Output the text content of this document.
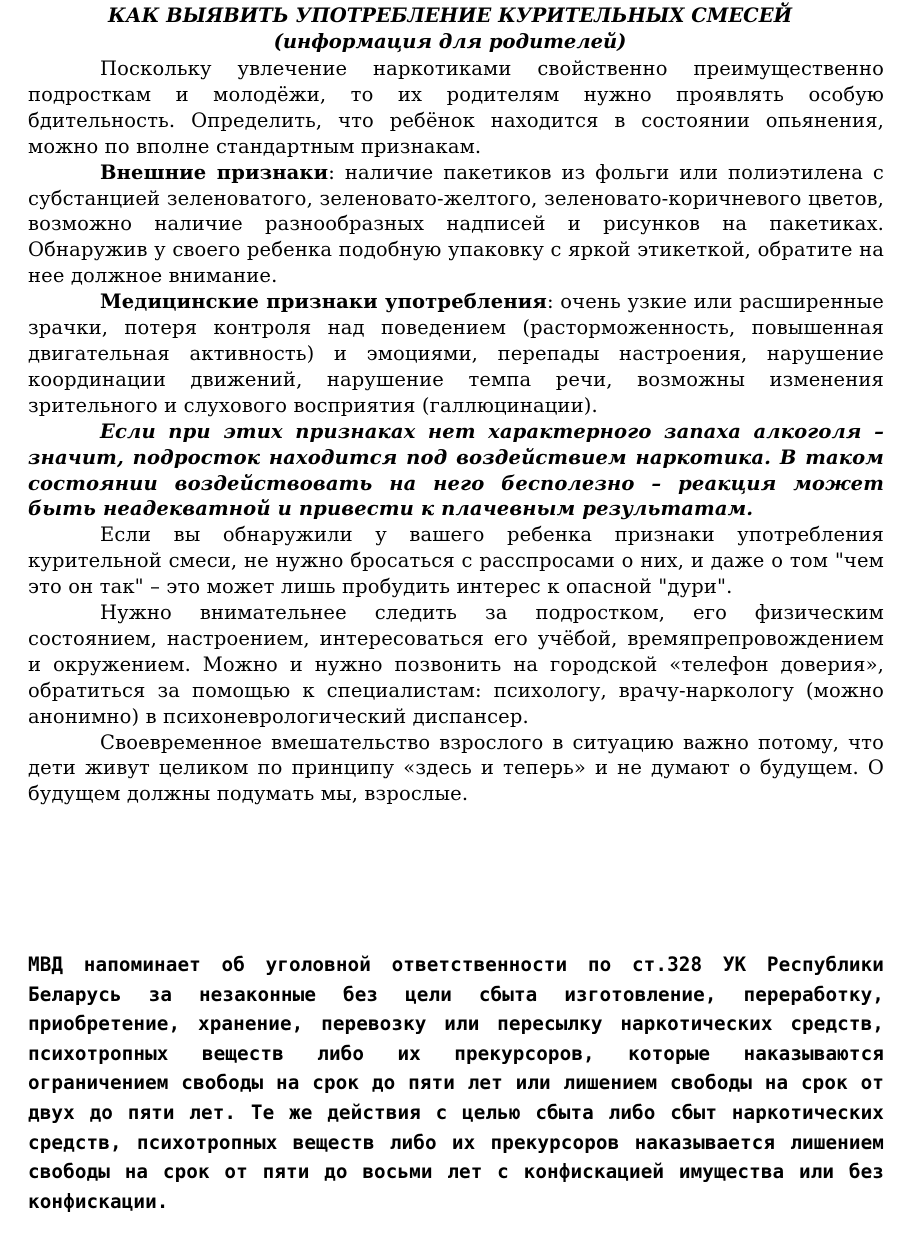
КАК ВЫЯВИТЬ УПОТРЕБЛЕНИЕ КУРИТЕЛЬНЫХ СМЕСЕЙ
(информация для родителей)

Поскольку увлечение наркотиками свойственно преимущественно подросткам и молодёжи, то их родителям нужно проявлять особую бдительность. Определить, что ребёнок находится в состоянии опьянения, можно по вполне стандартным признакам.

Внешние признаки: наличие пакетиков из фольги или полиэтилена с субстанцией зеленоватого, зеленовато-желтого, зеленовато-коричневого цветов, возможно наличие разнообразных надписей и рисунков на пакетиках. Обнаружив у своего ребенка подобную упаковку с яркой этикеткой, обратите на нее должное внимание.

Медицинские признаки употребления: очень узкие или расширенные зрачки, потеря контроля над поведением (расторможенность, повышенная двигательная активность) и эмоциями, перепады настроения, нарушение координации движений, нарушение темпа речи, возможны изменения зрительного и слухового восприятия (галлюцинации).

Если при этих признаках нет характерного запаха алкоголя – значит, подросток находится под воздействием наркотика. В таком состоянии воздействовать на него бесполезно – реакция может быть неадекватной и привести к плачевным результатам.

Если вы обнаружили у вашего ребенка признаки употребления курительной смеси, не нужно бросаться с расспросами о них, и даже о том "чем это он так" – это может лишь пробудить интерес к опасной "дури".

Нужно внимательнее следить за подростком, его физическим состоянием, настроением, интересоваться его учёбой, времяпрепровождением и окружением. Можно и нужно позвонить на городской «телефон доверия», обратиться за помощью к специалистам: психологу, врачу-наркологу (можно анонимно) в психоневрологический диспансер.

Своевременное вмешательство взрослого в ситуацию важно потому, что дети живут целиком по принципу «здесь и теперь» и не думают о будущем. О будущем должны подумать мы, взрослые.

МВД напоминает об уголовной ответственности по ст.328 УК Республики Беларусь за незаконные без цели сбыта изготовление, переработку, приобретение, хранение, перевозку или пересылку наркотических средств, психотропных веществ либо их прекурсоров, которые наказываются ограничением свободы на срок до пяти лет или лишением свободы на срок от двух до пяти лет. Те же действия с целью сбыта либо сбыт наркотических средств, психотропных веществ либо их прекурсоров наказывается лишением свободы на срок от пяти до восьми лет с конфискацией имущества или без конфискации.
